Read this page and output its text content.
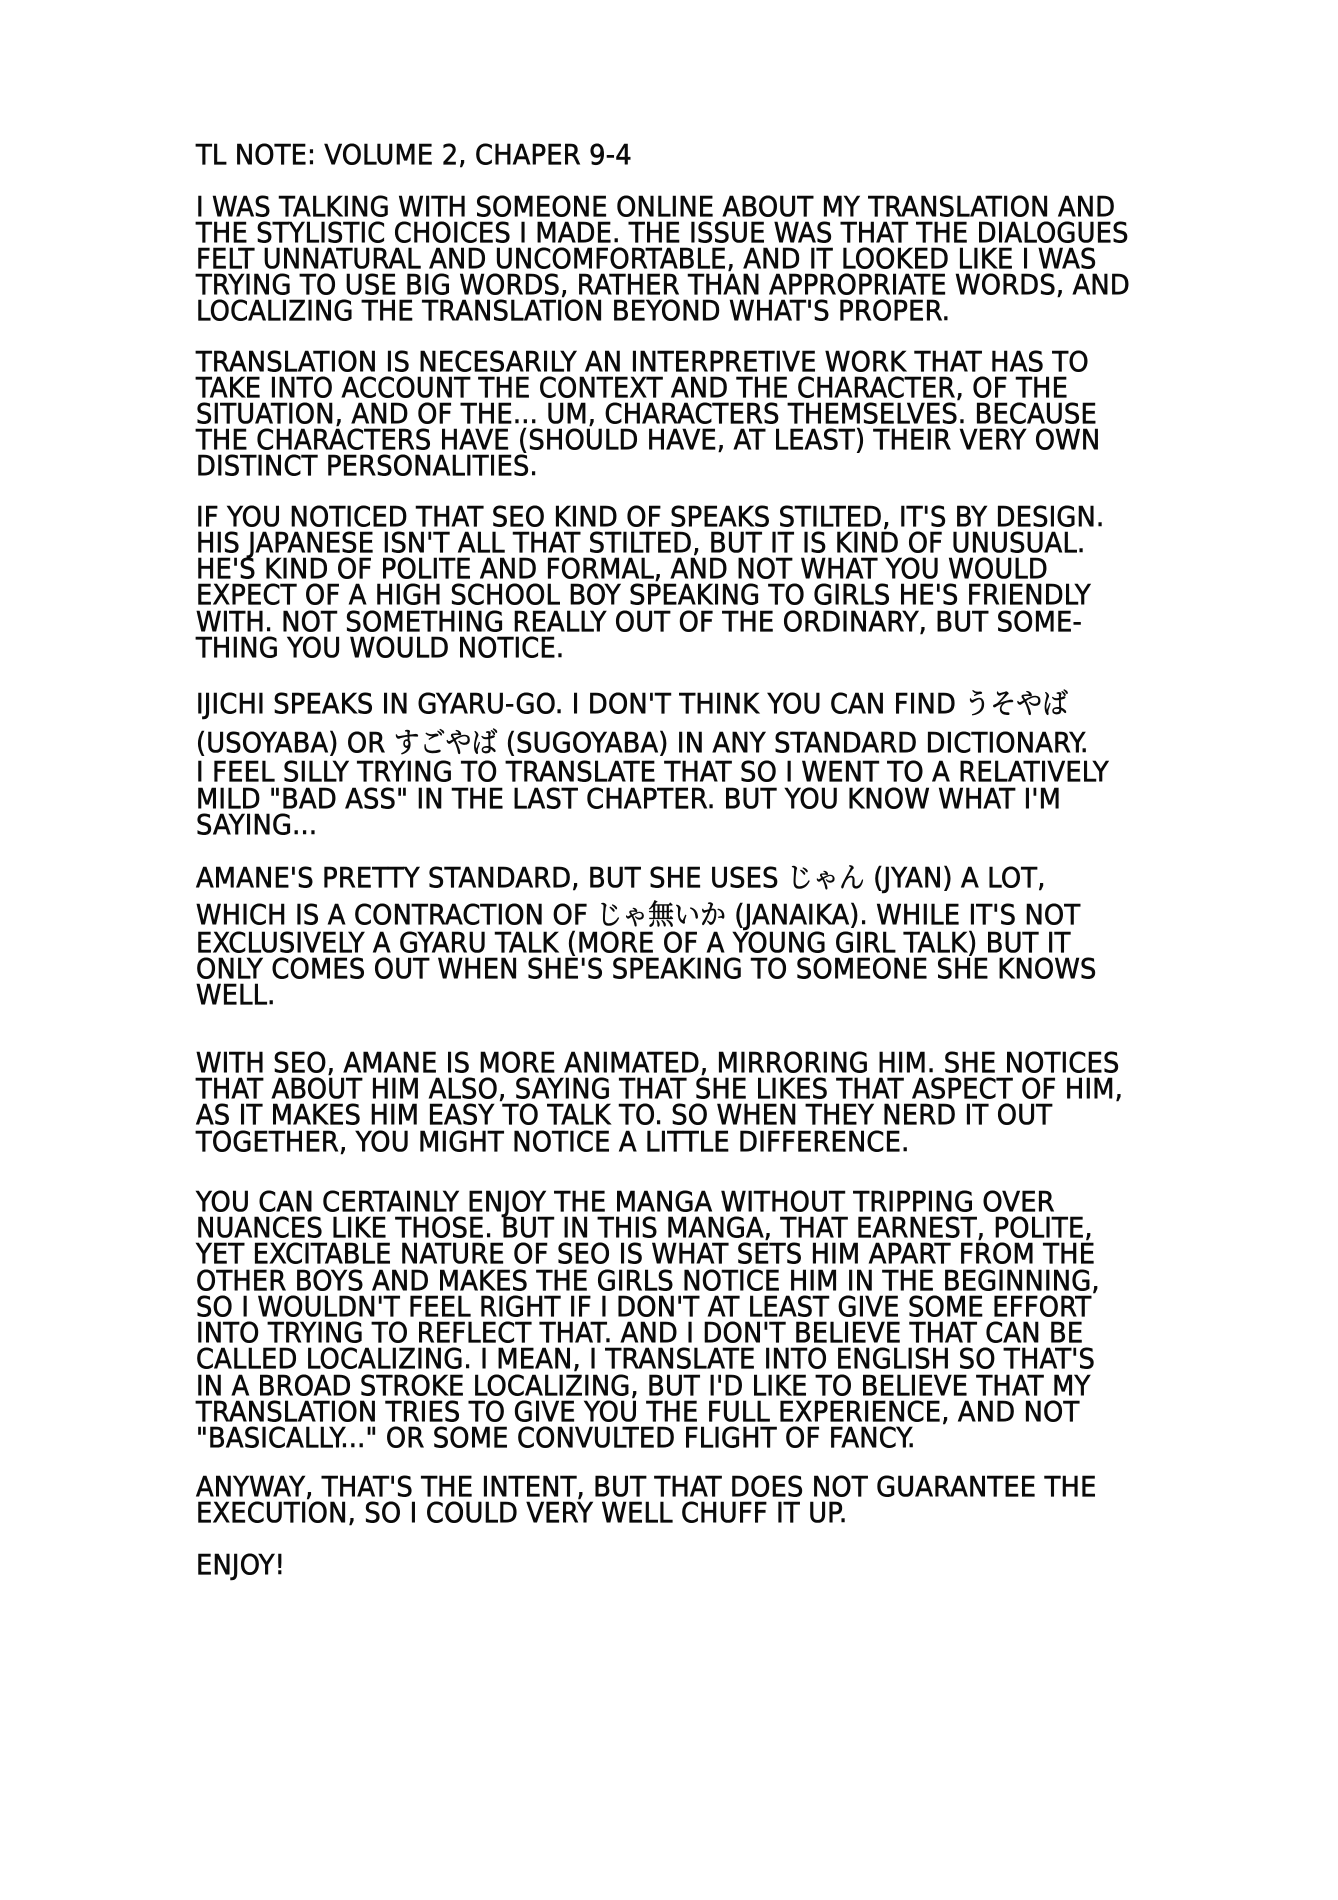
TL NOTE: VOLUME 2, CHAPER 9-4
I WAS TALKING WITH SOMEONE ONLINE ABOUT MY TRANSLATION AND
THE STYLISTIC CHOICES I MADE. THE ISSUE WAS THAT THE DIALOGUES
FELT UNNATURAL AND UNCOMFORTABLE, AND IT LOOKED LIKE I WAS
TRYING TO USE BIG WORDS, RATHER THAN APPROPRIATE WORDS, AND
LOCALIZING THE TRANSLATION BEYOND WHAT'S PROPER.
TRANSLATION IS NECESARILY AN INTERPRETIVE WORK THAT HAS TO
TAKE INTO ACCOUNT THE CONTEXT AND THE CHARACTER, OF THE
SITUATION, AND OF THE... UM, CHARACTERS THEMSELVES. BECAUSE
THE CHARACTERS HAVE (SHOULD HAVE, AT LEAST) THEIR VERY OWN
DISTINCT PERSONALITIES.
IF YOU NOTICED THAT SEO KIND OF SPEAKS STILTED, IT'S BY DESIGN.
HIS JAPANESE ISN'T ALL THAT STILTED, BUT IT IS KIND OF UNUSUAL.
HE'S KIND OF POLITE AND FORMAL, AND NOT WHAT YOU WOULD
EXPECT OF A HIGH SCHOOL BOY SPEAKING TO GIRLS HE'S FRIENDLY
WITH. NOT SOMETHING REALLY OUT OF THE ORDINARY, BUT SOME-
THING YOU WOULD NOTICE.
IJICHI SPEAKS IN GYARU-GO. I DON'T THINK YOU CAN FIND うそやば
(USOYABA) OR すごやば (SUGOYABA) IN ANY STANDARD DICTIONARY.
I FEEL SILLY TRYING TO TRANSLATE THAT SO I WENT TO A RELATIVELY
MILD "BAD ASS" IN THE LAST CHAPTER. BUT YOU KNOW WHAT I'M
SAYING...
AMANE'S PRETTY STANDARD, BUT SHE USES じゃん (JYAN) A LOT,
WHICH IS A CONTRACTION OF じゃ無いか (JANAIKA). WHILE IT'S NOT
EXCLUSIVELY A GYARU TALK (MORE OF A YOUNG GIRL TALK) BUT IT
ONLY COMES OUT WHEN SHE'S SPEAKING TO SOMEONE SHE KNOWS
WELL.
WITH SEO, AMANE IS MORE ANIMATED, MIRRORING HIM. SHE NOTICES
THAT ABOUT HIM ALSO, SAYING THAT SHE LIKES THAT ASPECT OF HIM,
AS IT MAKES HIM EASY TO TALK TO. SO WHEN THEY NERD IT OUT
TOGETHER, YOU MIGHT NOTICE A LITTLE DIFFERENCE.
YOU CAN CERTAINLY ENJOY THE MANGA WITHOUT TRIPPING OVER
NUANCES LIKE THOSE. BUT IN THIS MANGA, THAT EARNEST, POLITE,
YET EXCITABLE NATURE OF SEO IS WHAT SETS HIM APART FROM THE
OTHER BOYS AND MAKES THE GIRLS NOTICE HIM IN THE BEGINNING,
SO I WOULDN'T FEEL RIGHT IF I DON'T AT LEAST GIVE SOME EFFORT
INTO TRYING TO REFLECT THAT. AND I DON'T BELIEVE THAT CAN BE
CALLED LOCALIZING. I MEAN, I TRANSLATE INTO ENGLISH SO THAT'S
IN A BROAD STROKE LOCALIZING, BUT I'D LIKE TO BELIEVE THAT MY
TRANSLATION TRIES TO GIVE YOU THE FULL EXPERIENCE, AND NOT
"BASICALLY..." OR SOME CONVULTED FLIGHT OF FANCY.
ANYWAY, THAT'S THE INTENT, BUT THAT DOES NOT GUARANTEE THE
EXECUTION, SO I COULD VERY WELL CHUFF IT UP.
ENJOY!
